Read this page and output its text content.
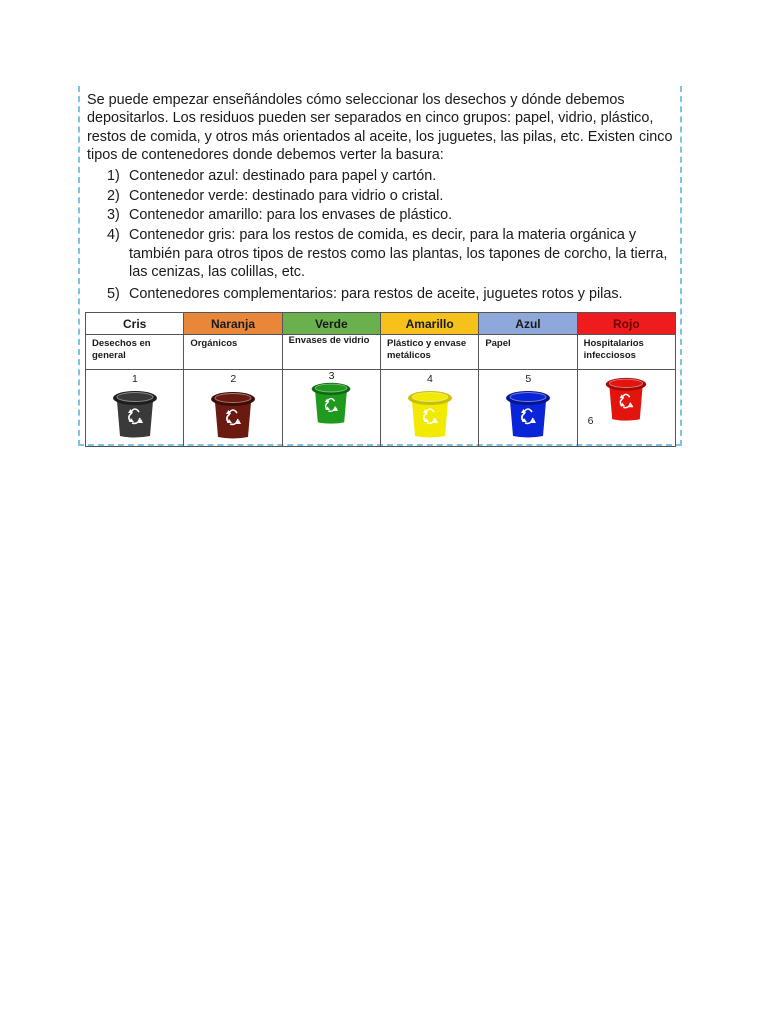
Se puede empezar enseñándoles cómo seleccionar los desechos y dónde debemos depositarlos. Los residuos pueden ser separados en cinco grupos: papel, vidrio, plástico, restos de comida, y otros más orientados al aceite, los juguetes, las pilas, etc. Existen cinco tipos de contenedores donde debemos verter la basura:

1) Contenedor azul: destinado para papel y cartón.
2) Contenedor verde: destinado para vidrio o cristal.
3) Contenedor amarillo: para los envases de plástico.
4) Contenedor gris: para los restos de comida, es decir, para la materia orgánica y también para otros tipos de restos como las plantas, los tapones de corcho, la tierra, las cenizas, las colillas, etc.
5) Contenedores complementarios: para restos de aceite, juguetes rotos y pilas.
Cris	Naranja	Verde	Amarillo	Azul	Rojo
Desechos en general	Orgánicos	Envases de vidrio	Plástico y envase metálicos	Papel	Hospitalarios infecciosos

1	2	3	4	5	6
